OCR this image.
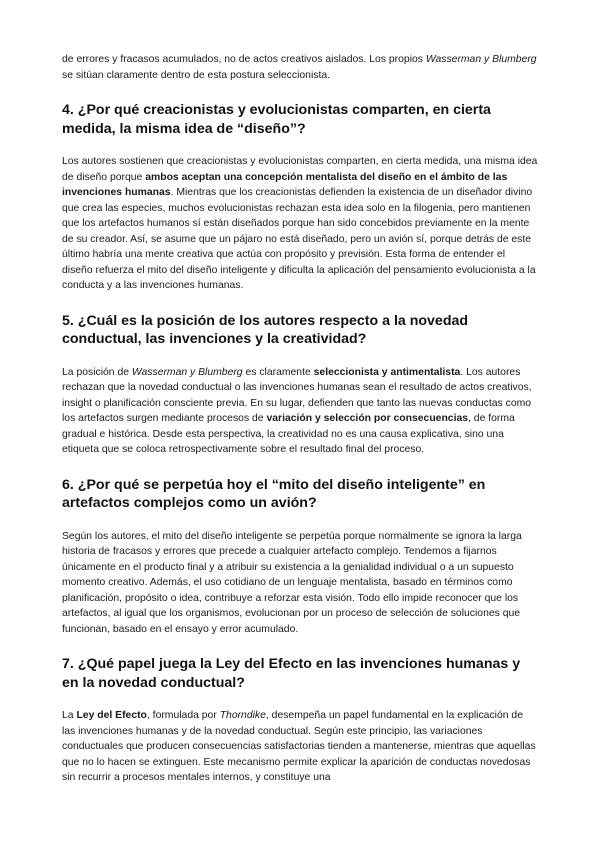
de errores y fracasos acumulados, no de actos creativos aislados. Los propios Wasserman y Blumberg se sitúan claramente dentro de esta postura seleccionista.

4. ¿Por qué creacionistas y evolucionistas comparten, en cierta medida, la misma idea de “diseño”?

Los autores sostienen que creacionistas y evolucionistas comparten, en cierta medida, una misma idea de diseño porque ambos aceptan una concepción mentalista del diseño en el ámbito de las invenciones humanas. Mientras que los creacionistas defienden la existencia de un diseñador divino que crea las especies, muchos evolucionistas rechazan esta idea solo en la filogenia, pero mantienen que los artefactos humanos sí están diseñados porque han sido concebidos previamente en la mente de su creador. Así, se asume que un pájaro no está diseñado, pero un avión sí, porque detrás de este último habría una mente creativa que actúa con propósito y previsión. Esta forma de entender el diseño refuerza el mito del diseño inteligente y dificulta la aplicación del pensamiento evolucionista a la conducta y a las invenciones humanas.

5. ¿Cuál es la posición de los autores respecto a la novedad conductual, las invenciones y la creatividad?

La posición de Wasserman y Blumberg es claramente seleccionista y antimentalista. Los autores rechazan que la novedad conductual o las invenciones humanas sean el resultado de actos creativos, insight o planificación consciente previa. En su lugar, defienden que tanto las nuevas conductas como los artefactos surgen mediante procesos de variación y selección por consecuencias, de forma gradual e histórica. Desde esta perspectiva, la creatividad no es una causa explicativa, sino una etiqueta que se coloca retrospectivamente sobre el resultado final del proceso.

6. ¿Por qué se perpetúa hoy el “mito del diseño inteligente” en artefactos complejos como un avión?

Según los autores, el mito del diseño inteligente se perpetúa porque normalmente se ignora la larga historia de fracasos y errores que precede a cualquier artefacto complejo. Tendemos a fijarnos únicamente en el producto final y a atribuir su existencia a la genialidad individual o a un supuesto momento creativo. Además, el uso cotidiano de un lenguaje mentalista, basado en términos como planificación, propósito o idea, contribuye a reforzar esta visión. Todo ello impide reconocer que los artefactos, al igual que los organismos, evolucionan por un proceso de selección de soluciones que funcionan, basado en el ensayo y error acumulado.

7. ¿Qué papel juega la Ley del Efecto en las invenciones humanas y en la novedad conductual?

La Ley del Efecto, formulada por Thorndike, desempeña un papel fundamental en la explicación de las invenciones humanas y de la novedad conductual. Según este principio, las variaciones conductuales que producen consecuencias satisfactorias tienden a mantenerse, mientras que aquellas que no lo hacen se extinguen. Este mecanismo permite explicar la aparición de conductas novedosas sin recurrir a procesos mentales internos, y constituye una
